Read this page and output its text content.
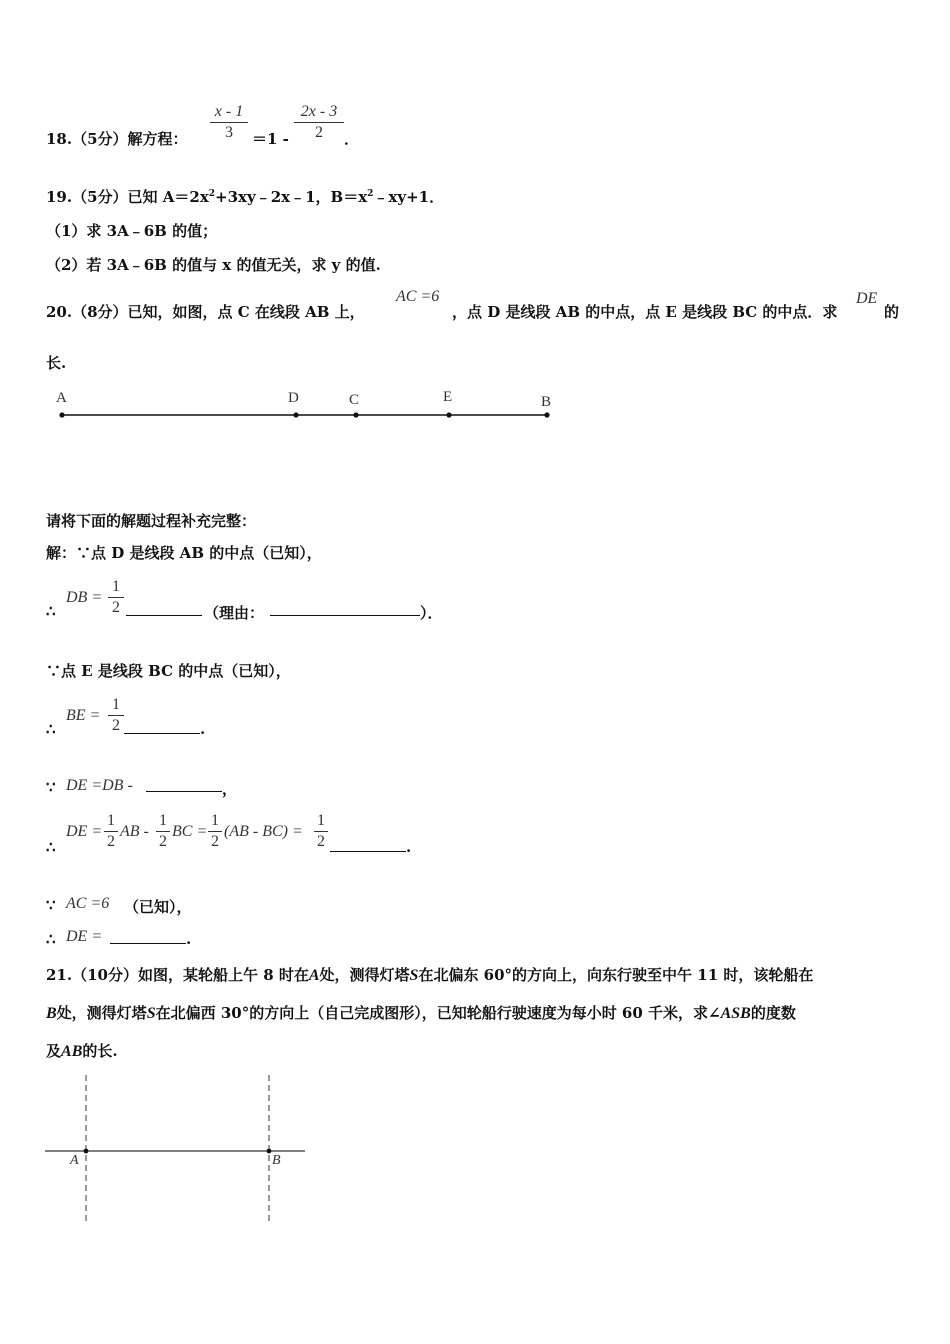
18.（5分）解方程： $\frac{x - 1}{3} =1 - \frac{2x - 3}{2}$ ．
19.（5分）已知 $A=2x^2+3xy﹣2x﹣1$，$B=x^2﹣xy+1$．
（1）求 3A﹣6B 的值；
（2）若 3A﹣6B 的值与 x 的值无关，求 y 的值.
20.（8分）已知，如图，点 C 在线段 AB 上，
AC =6
，点 D 是线段 AB 的中点，点 E 是线段 BC 的中点．求
DE
的
长.
A	D	C	E	B
请将下面的解题过程补充完整：
解：∵点 D 是线段 AB 的中点（已知），
∴
DB = $\frac{1}{2}$	（理由：	）．
∵点 E 是线段 BC 的中点（已知），
∴
BE = $\frac{1}{2}$	.
∵ DE =DB -	，
∴
DE = $\frac{1}{2}$ AB - $\frac{1}{2}$ BC = $\frac{1}{2} (AB - BC) = \frac{1}{2}$	.
∵ AC =6 （已知），
∴ DE =	.
21.（10分）如图，某轮船上午 8 时在A处，测得灯塔S在北偏东 60°的方向上，向东行驶至中午 11 时，该轮船在
B处，测得灯塔S在北偏西 30°的方向上（自己完成图形），已知轮船行驶速度为每小时 60 千米，求∠ASB的度数
及AB的长.
A	B
